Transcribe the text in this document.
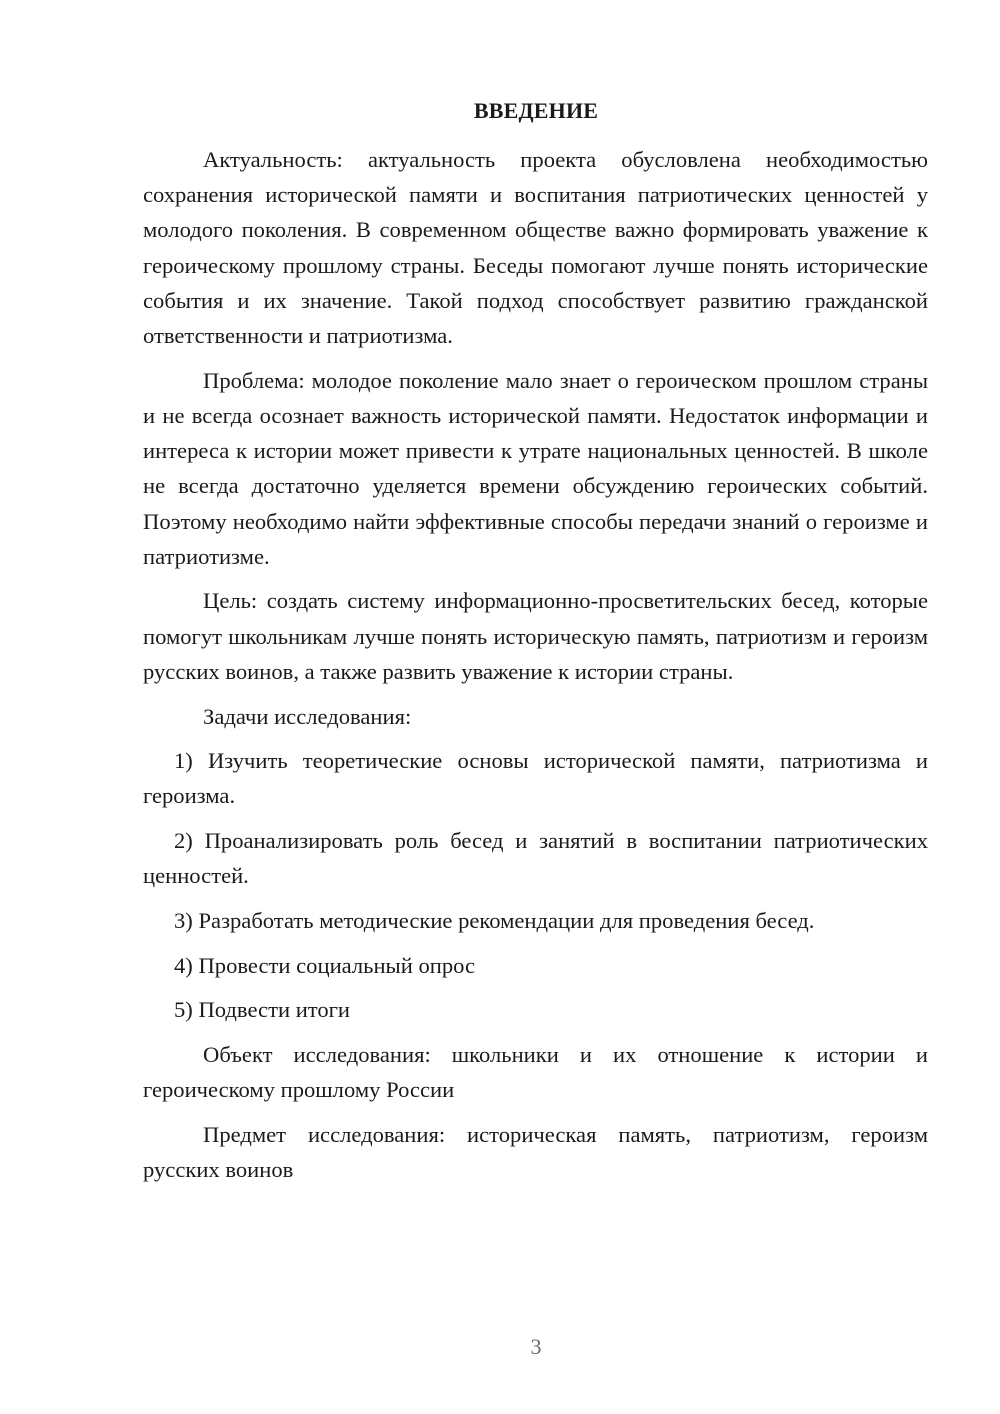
ВВЕДЕНИЕ

Актуальность: актуальность проекта обусловлена необходимостью сохранения исторической памяти и воспитания патриотических ценностей у молодого поколения. В современном обществе важно формировать уважение к героическому прошлому страны. Беседы помогают лучше понять исторические события и их значение. Такой подход способствует развитию гражданской ответственности и патриотизма.

Проблема: молодое поколение мало знает о героическом прошлом страны и не всегда осознает важность исторической памяти. Недостаток информации и интереса к истории может привести к утрате национальных ценностей. В школе не всегда достаточно уделяется времени обсуждению героических событий. Поэтому необходимо найти эффективные способы передачи знаний о героизме и патриотизме.

Цель: создать систему информационно-просветительских бесед, которые помогут школьникам лучше понять историческую память, патриотизм и героизм русских воинов, а также развить уважение к истории страны.

Задачи исследования:

1) Изучить теоретические основы исторической памяти, патриотизма и героизма.

2) Проанализировать роль бесед и занятий в воспитании патриотических ценностей.

3) Разработать методические рекомендации для проведения бесед.

4) Провести социальный опрос

5) Подвести итоги

Объект исследования: школьники и их отношение к истории и героическому прошлому России

Предмет исследования: историческая память, патриотизм, героизм русских воинов

3
